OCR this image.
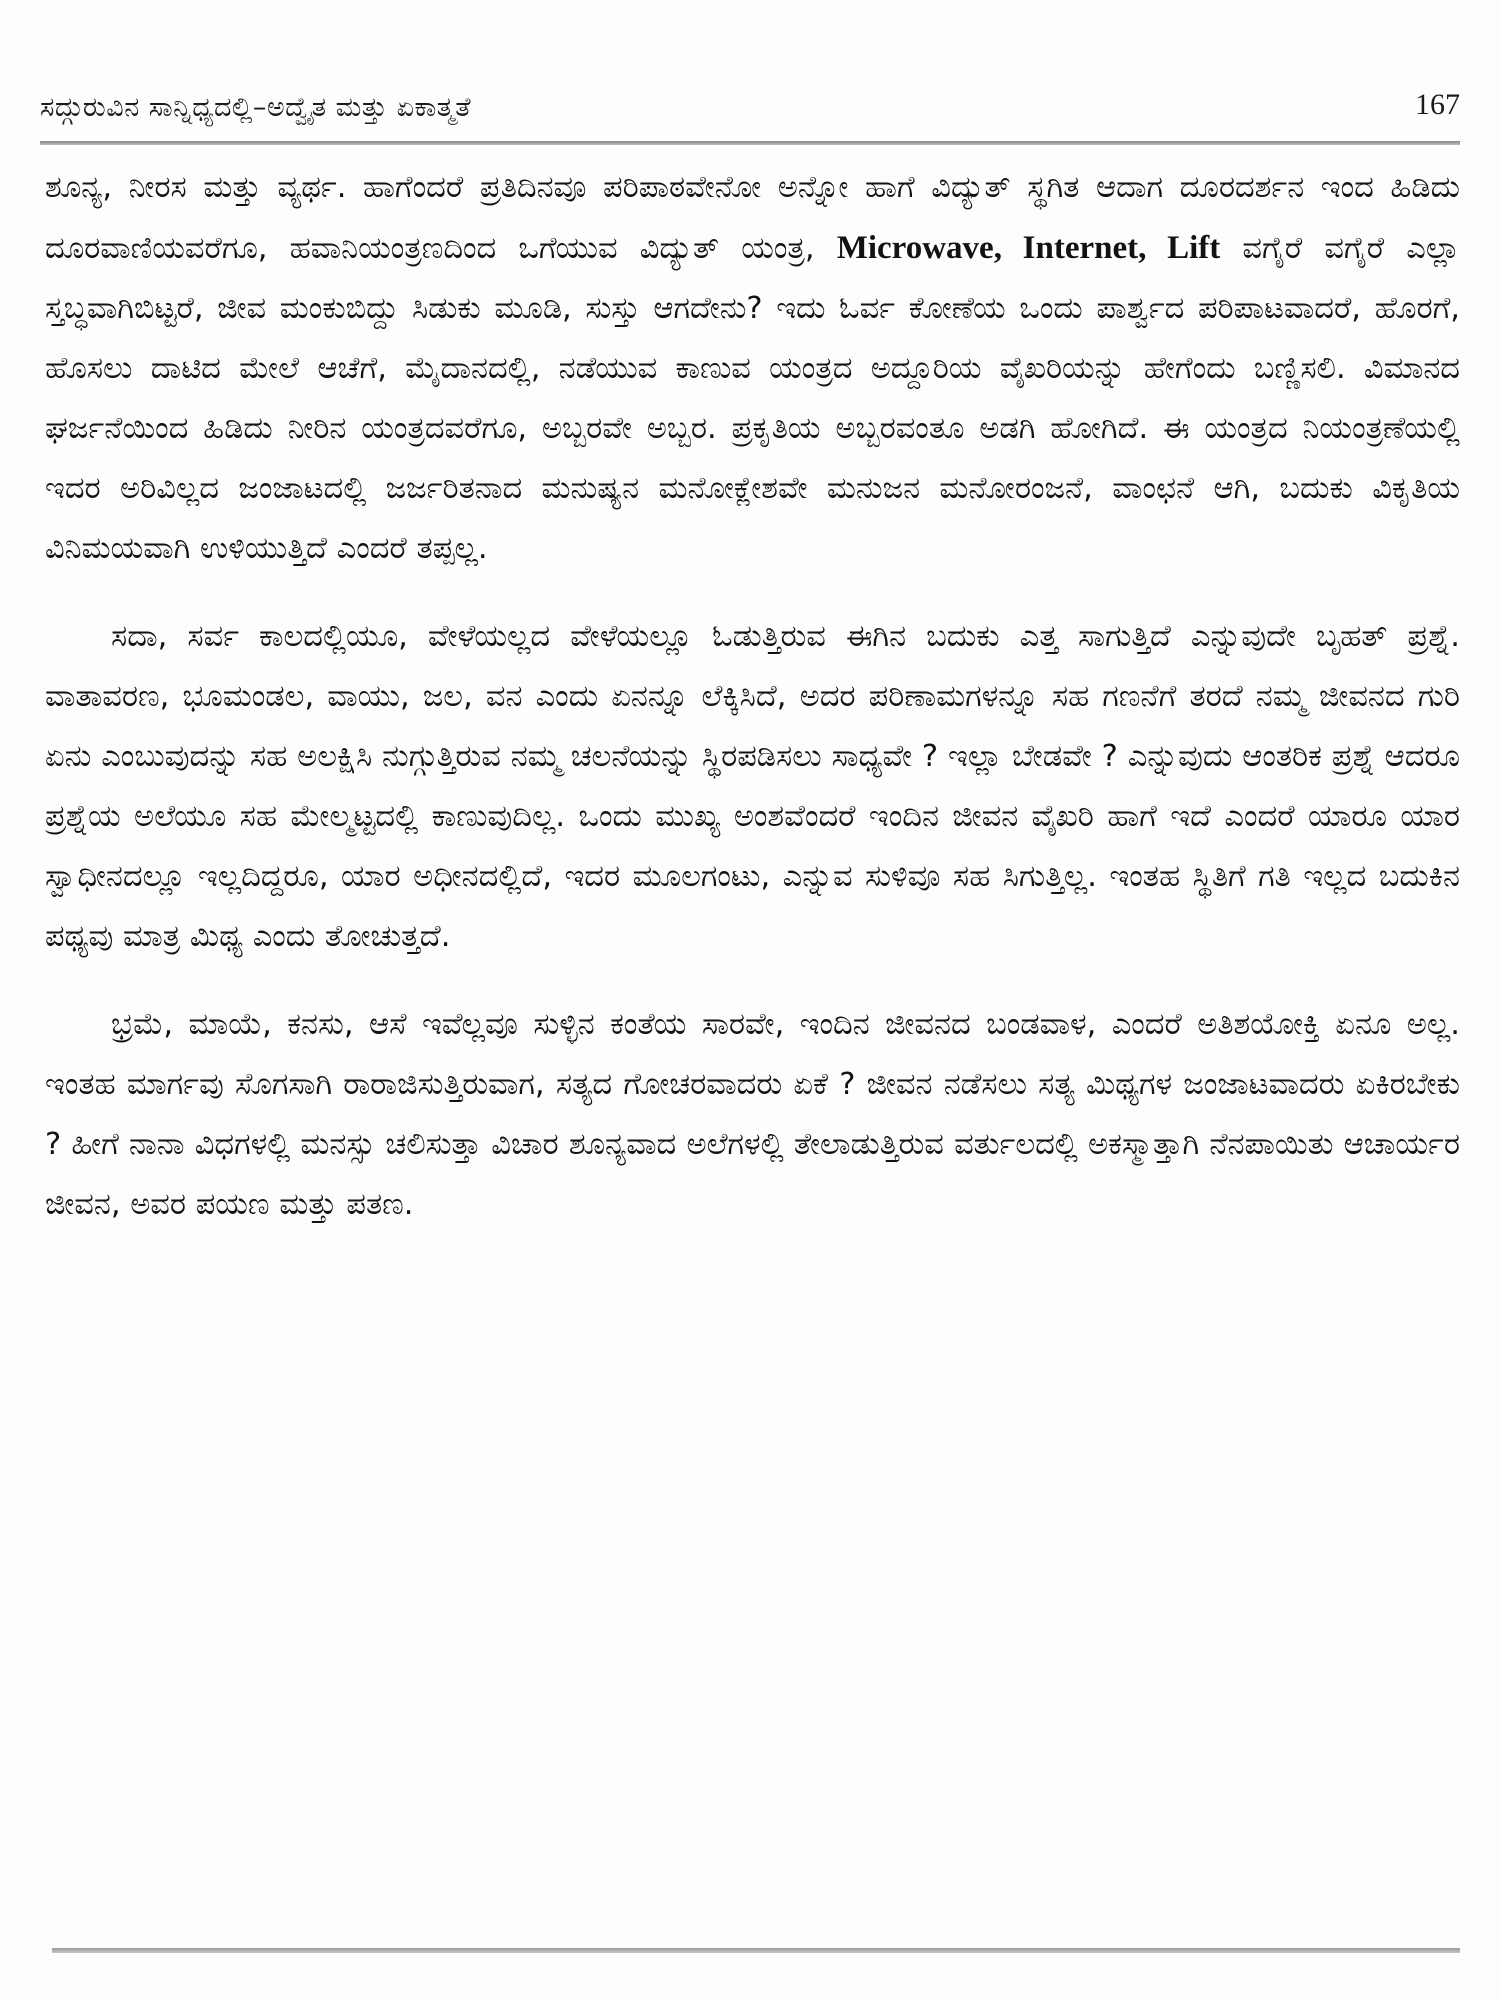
ಸದ್ಗುರುವಿನ ಸಾನ್ನಿಧ್ಯದಲ್ಲಿ–ಅದ್ವೈತ ಮತ್ತು ಏಕಾತ್ಮತೆ	167

ಶೂನ್ಯ, ನೀರಸ ಮತ್ತು ವ್ಯರ್ಥ. ಹಾಗೆಂದರೆ ಪ್ರತಿದಿನವೂ ಪರಿಪಾಠವೇನೋ ಅನ್ನೋ ಹಾಗೆ ವಿದ್ಯುತ್ ಸ್ಥಗಿತ ಆದಾಗ ದೂರದರ್ಶನ ಇಂದ ಹಿಡಿದು ದೂರವಾಣಿಯವರೆಗೂ, ಹವಾನಿಯಂತ್ರಣದಿಂದ ಒಗೆಯುವ ವಿದ್ಯುತ್ ಯಂತ್ರ, Microwave, Internet, Lift ವಗೈರೆ ವಗೈರೆ ಎಲ್ಲಾ ಸ್ತಬ್ಧವಾಗಿಬಿಟ್ಟರೆ, ಜೀವ ಮಂಕುಬಿದ್ದು ಸಿಡುಕು ಮೂಡಿ, ಸುಸ್ತು ಆಗದೇನು? ಇದು ಓರ್ವ ಕೋಣೆಯ ಒಂದು ಪಾರ್ಶ್ವದ ಪರಿಪಾಟವಾದರೆ, ಹೊರಗೆ, ಹೊಸಲು ದಾಟಿದ ಮೇಲೆ ಆಚೆಗೆ, ಮೈದಾನದಲ್ಲಿ, ನಡೆಯುವ ಕಾಣುವ ಯಂತ್ರದ ಅದ್ದೂರಿಯ ವೈಖರಿಯನ್ನು ಹೇಗೆಂದು ಬಣ್ಣಿಸಲಿ. ವಿಮಾನದ ಘರ್ಜನೆಯಿಂದ ಹಿಡಿದು ನೀರಿನ ಯಂತ್ರದವರೆಗೂ, ಅಬ್ಬರವೇ ಅಬ್ಬರ. ಪ್ರಕೃತಿಯ ಅಬ್ಬರವಂತೂ ಅಡಗಿ ಹೋಗಿದೆ. ಈ ಯಂತ್ರದ ನಿಯಂತ್ರಣೆಯಲ್ಲಿ ಇದರ ಅರಿವಿಲ್ಲದ ಜಂಜಾಟದಲ್ಲಿ ಜರ್ಜರಿತನಾದ ಮನುಷ್ಯನ ಮನೋಕ್ಲೇಶವೇ ಮನುಜನ ಮನೋರಂಜನೆ, ವಾಂಛನೆ ಆಗಿ, ಬದುಕು ವಿಕೃತಿಯ ವಿನಿಮಯವಾಗಿ ಉಳಿಯುತ್ತಿದೆ ಎಂದರೆ ತಪ್ಪಲ್ಲ.

ಸದಾ, ಸರ್ವ ಕಾಲದಲ್ಲಿಯೂ, ವೇಳೆಯಲ್ಲದ ವೇಳೆಯಲ್ಲೂ ಓಡುತ್ತಿರುವ ಈಗಿನ ಬದುಕು ಎತ್ತ ಸಾಗುತ್ತಿದೆ ಎನ್ನುವುದೇ ಬೃಹತ್ ಪ್ರಶ್ನೆ. ವಾತಾವರಣ, ಭೂಮಂಡಲ, ವಾಯು, ಜಲ, ವನ ಎಂದು ಏನನ್ನೂ ಲೆಕ್ಕಿಸಿದೆ, ಅದರ ಪರಿಣಾಮಗಳನ್ನೂ ಸಹ ಗಣನೆಗೆ ತರದೆ ನಮ್ಮ ಜೀವನದ ಗುರಿ ಏನು ಎಂಬುವುದನ್ನು ಸಹ ಅಲಕ್ಷಿಸಿ ನುಗ್ಗುತ್ತಿರುವ ನಮ್ಮ ಚಲನೆಯನ್ನು ಸ್ಥಿರಪಡಿಸಲು ಸಾಧ್ಯವೇ ? ಇಲ್ಲಾ ಬೇಡವೇ ? ಎನ್ನುವುದು ಆಂತರಿಕ ಪ್ರಶ್ನೆ ಆದರೂ ಪ್ರಶ್ನೆಯ ಅಲೆಯೂ ಸಹ ಮೇಲ್ಮಟ್ಟದಲ್ಲಿ ಕಾಣುವುದಿಲ್ಲ. ಒಂದು ಮುಖ್ಯ ಅಂಶವೆಂದರೆ ಇಂದಿನ ಜೀವನ ವೈಖರಿ ಹಾಗೆ ಇದೆ ಎಂದರೆ ಯಾರೂ ಯಾರ ಸ್ವಾಧೀನದಲ್ಲೂ ಇಲ್ಲದಿದ್ದರೂ, ಯಾರ ಅಧೀನದಲ್ಲಿದೆ, ಇದರ ಮೂಲಗಂಟು, ಎನ್ನುವ ಸುಳಿವೂ ಸಹ ಸಿಗುತ್ತಿಲ್ಲ. ಇಂತಹ ಸ್ಥಿತಿಗೆ ಗತಿ ಇಲ್ಲದ ಬದುಕಿನ ಪಥ್ಯವು ಮಾತ್ರ ಮಿಥ್ಯ ಎಂದು ತೋಚುತ್ತದೆ.

ಭ್ರಮೆ, ಮಾಯೆ, ಕನಸು, ಆಸೆ ಇವೆಲ್ಲವೂ ಸುಳ್ಳಿನ ಕಂತೆಯ ಸಾರವೇ, ಇಂದಿನ ಜೀವನದ ಬಂಡವಾಳ, ಎಂದರೆ ಅತಿಶಯೋಕ್ತಿ ಏನೂ ಅಲ್ಲ. ಇಂತಹ ಮಾರ್ಗವು ಸೊಗಸಾಗಿ ರಾರಾಜಿಸುತ್ತಿರುವಾಗ, ಸತ್ಯದ ಗೋಚರವಾದರು ಏಕೆ ? ಜೀವನ ನಡೆಸಲು ಸತ್ಯ ಮಿಥ್ಯಗಳ ಜಂಜಾಟವಾದರು ಏಕಿರಬೇಕು ? ಹೀಗೆ ನಾನಾ ವಿಧಗಳಲ್ಲಿ ಮನಸ್ಸು ಚಲಿಸುತ್ತಾ ವಿಚಾರ ಶೂನ್ಯವಾದ ಅಲೆಗಳಲ್ಲಿ ತೇಲಾಡುತ್ತಿರುವ ವರ್ತುಲದಲ್ಲಿ ಅಕಸ್ಮಾತ್ತಾಗಿ ನೆನಪಾಯಿತು ಆಚಾರ್ಯರ ಜೀವನ, ಅವರ ಪಯಣ ಮತ್ತು ಪತಣ.
